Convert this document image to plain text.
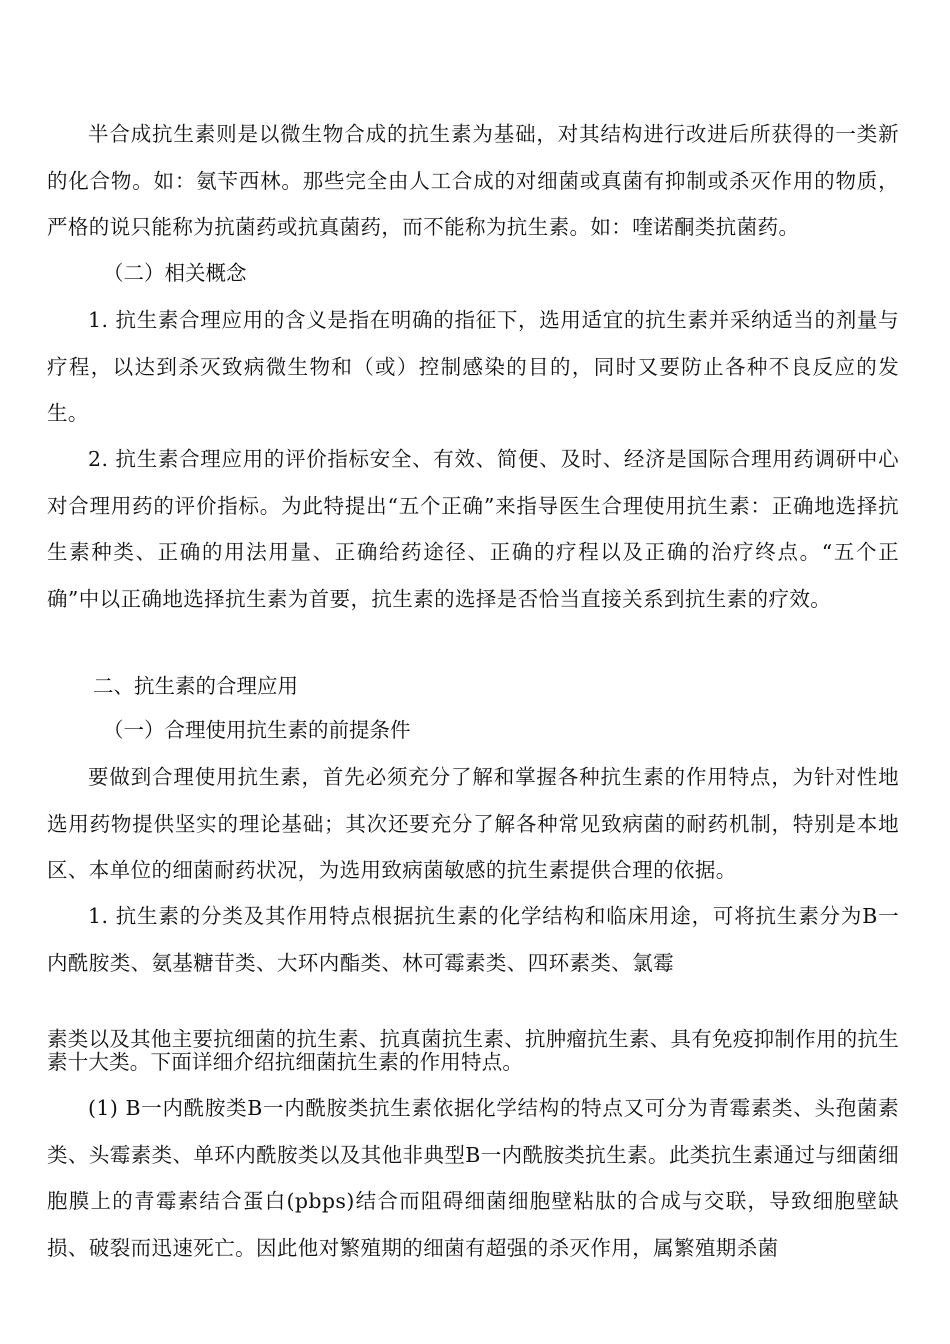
半合成抗生素则是以微生物合成的抗生素为基础，对其结构进行改进后所获得的一类新的化合物。如：氨苄西林。那些完全由人工合成的对细菌或真菌有抑制或杀灭作用的物质，严格的说只能称为抗菌药或抗真菌药，而不能称为抗生素。如：喹诺酮类抗菌药。

（二）相关概念

1. 抗生素合理应用的含义是指在明确的指征下，选用适宜的抗生素并采纳适当的剂量与疗程，以达到杀灭致病微生物和（或）控制感染的目的，同时又要防止各种不良反应的发生。

2. 抗生素合理应用的评价指标安全、有效、简便、及时、经济是国际合理用药调研中心对合理用药的评价指标。为此特提出“五个正确”来指导医生合理使用抗生素：正确地选择抗生素种类、正确的用法用量、正确给药途径、正确的疗程以及正确的治疗终点。“五个正确”中以正确地选择抗生素为首要，抗生素的选择是否恰当直接关系到抗生素的疗效。

二、抗生素的合理应用

（一）合理使用抗生素的前提条件

要做到合理使用抗生素，首先必须充分了解和掌握各种抗生素的作用特点，为针对性地选用药物提供坚实的理论基础；其次还要充分了解各种常见致病菌的耐药机制，特别是本地区、本单位的细菌耐药状况，为选用致病菌敏感的抗生素提供合理的依据。

1. 抗生素的分类及其作用特点根据抗生素的化学结构和临床用途，可将抗生素分为Β一内酰胺类、氨基糖苷类、大环内酯类、林可霉素类、四环素类、氯霉

素类以及其他主要抗细菌的抗生素、抗真菌抗生素、抗肿瘤抗生素、具有免疫抑制作用的抗生素十大类。下面详细介绍抗细菌抗生素的作用特点。

(1) Β一内酰胺类Β一内酰胺类抗生素依据化学结构的特点又可分为青霉素类、头孢菌素类、头霉素类、单环内酰胺类以及其他非典型Β一内酰胺类抗生素。此类抗生素通过与细菌细胞膜上的青霉素结合蛋白(pbps)结合而阻碍细菌细胞壁粘肽的合成与交联，导致细胞壁缺损、破裂而迅速死亡。因此他对繁殖期的细菌有超强的杀灭作用，属繁殖期杀菌
